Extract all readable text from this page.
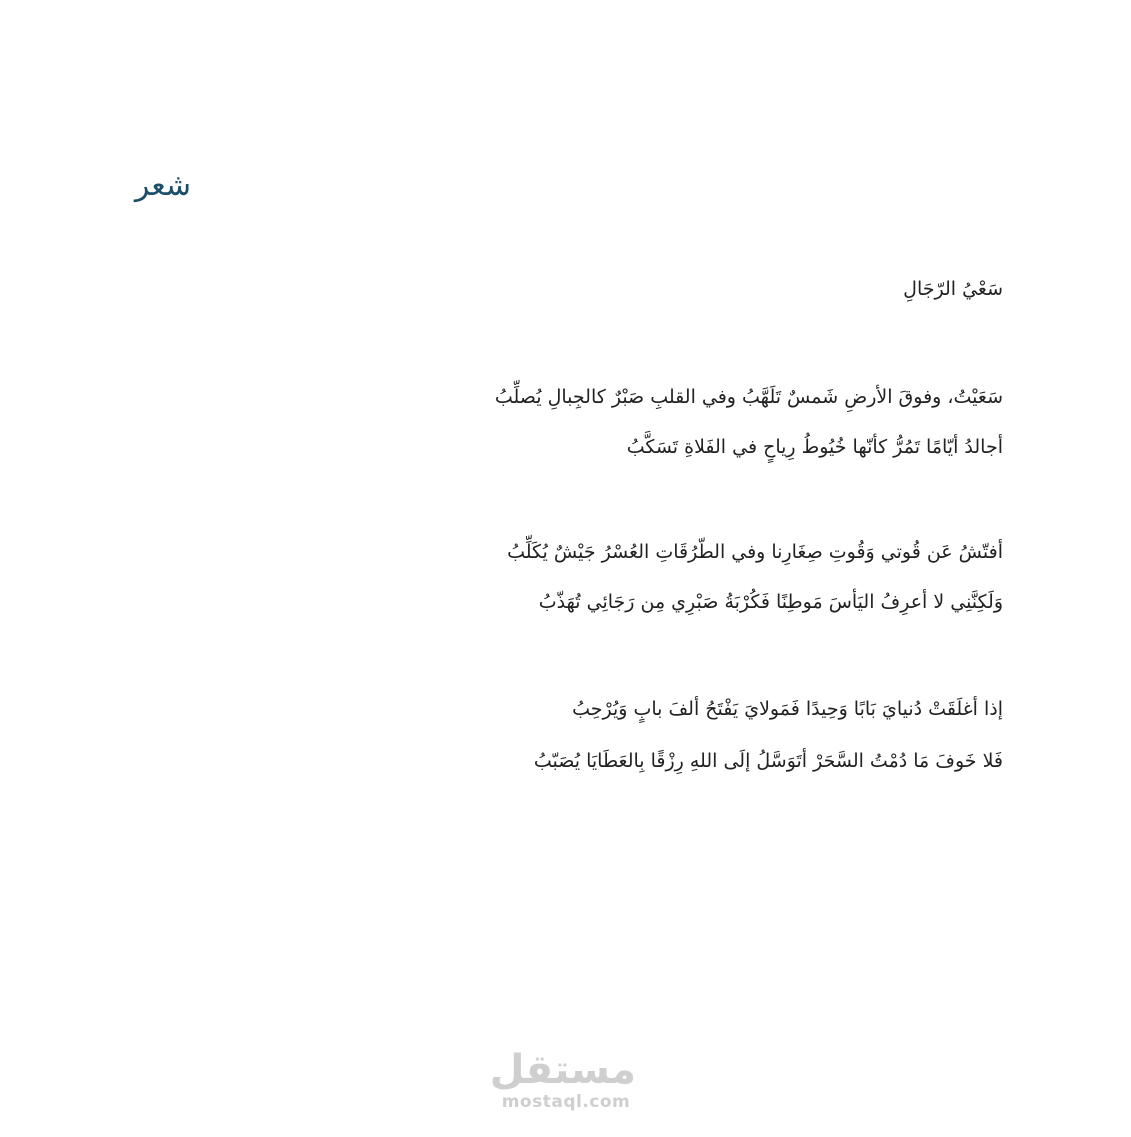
شعر
سَعْيُ الرّجَالِ
سَعَيْتُ، وفوقَ الأرضِ شَمسٌ تَلَهَّبُ وفي القلبِ صَبْرٌ كالجِبالِ يُصلِّبُ
أجالدُ أيّامًا تَمُرُّ كأنّها خُيُوطُ رِياحٍ في الفَلاةِ تَسَكَّبُ
أفتّشُ عَن قُوتي وَقُوتِ صِغَارِنا وفي الطّرُقَاتِ العُسْرُ جَيْشٌ يُكَلِّبُ
وَلَكِنَّنِي لا أعرِفُ اليَأسَ مَوطِنًا فَكُرْبَةُ صَبْرِي مِن رَجَائِي تُهَذّبُ
إذا أغلَقَتْ دُنيايَ بَابًا وَحِيدًا فَمَولايَ يَفْتَحُ ألفَ بابٍ وَيُرْحِبُ
فَلا خَوفَ مَا دُمْتُ السَّحَرْ أتَوَسَّلُ إلَى اللهِ رِزْقًا بِالعَطَايَا يُصَبّبُ
مستقل
mostaql.com
